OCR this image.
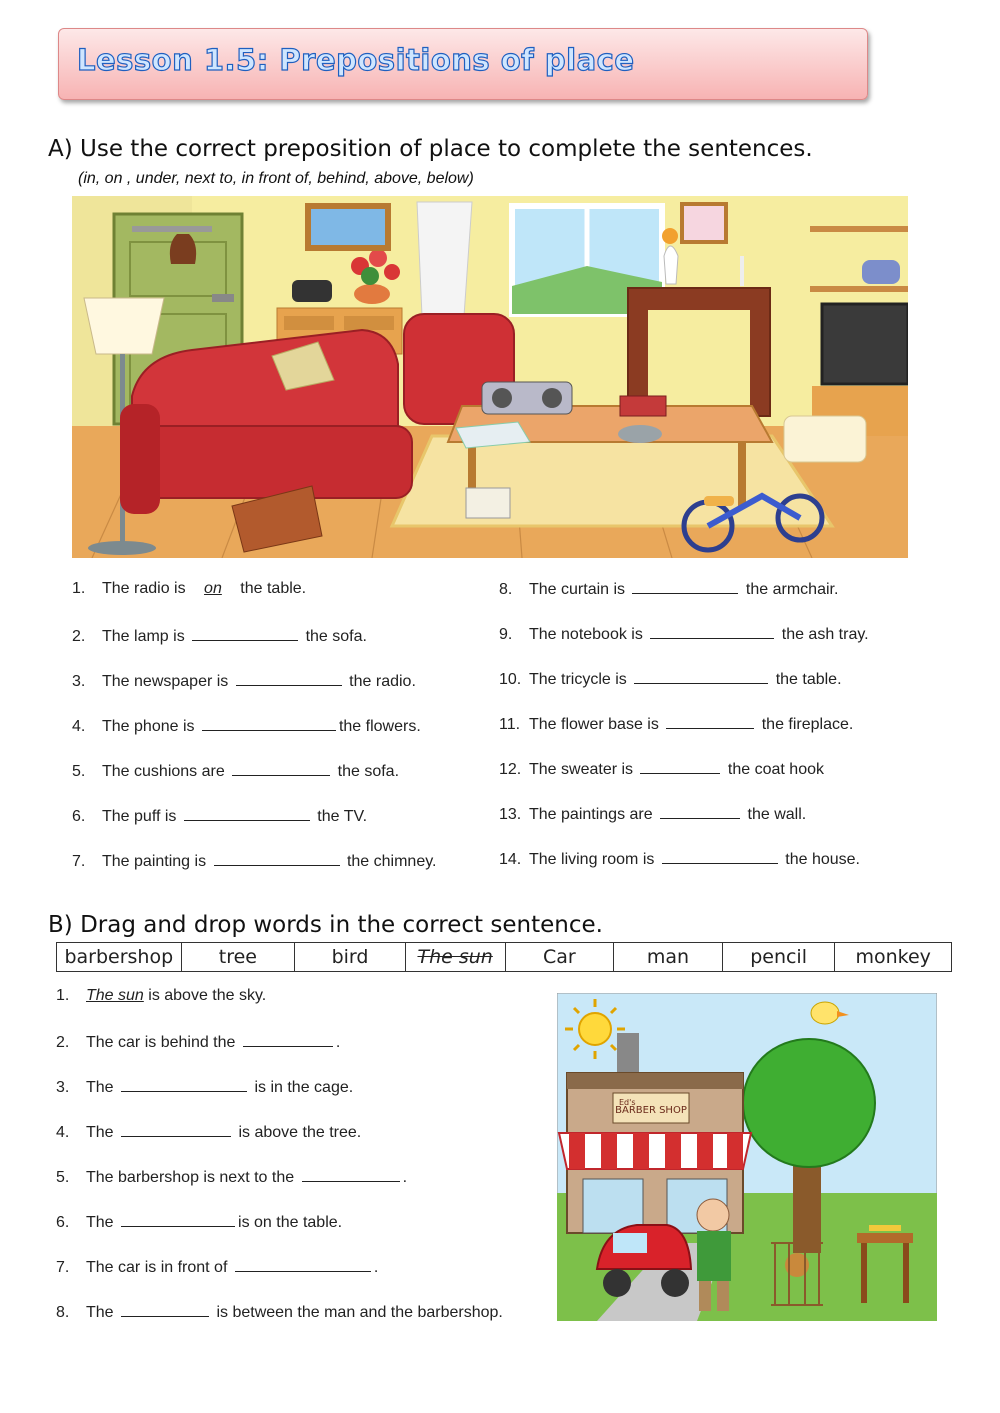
Lesson 1.5: Prepositions of place
A) Use the correct preposition of place to complete the sentences.
(in, on , under, next to, in front of, behind, above, below)
1. The radio is on the table.
2. The lamp is	the sofa.
3. The newspaper is	the radio.
4. The phone is	the flowers.
5. The cushions are	the sofa.
6. The puff is	the TV.
7. The painting is	the chimney.
8. The curtain is	the armchair.
9. The notebook is	the ash tray.
10. The tricycle is	the table.
11. The flower base is	the fireplace.
12. The sweater is	the coat hook
13. The paintings are	the wall.
14. The living room is	the house.
B) Drag and drop words in the correct sentence.
barbershop	tree	bird	The sun	Car	man	pencil	monkey
1. The sun is above the sky.
2. The car is behind the	.
3. The	is in the cage.
4. The	is above the tree.
5. The barbershop is next to the	.
6. The	is on the table.
7. The car is in front of	.
8. The	is between the man and the barbershop.
BARBER SHOP
Ed's
